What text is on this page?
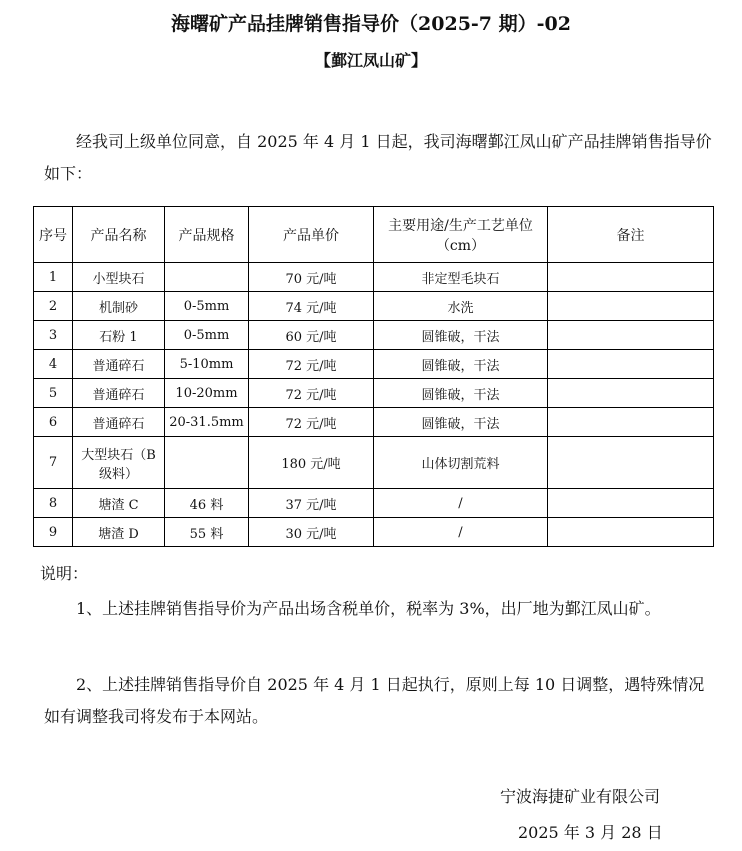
海曙矿产品挂牌销售指导价（2025-7 期）-02
【鄞江凤山矿】
经我司上级单位同意，自 2025 年 4 月 1 日起，我司海曙鄞江凤山矿产品挂牌销售指导价如下：
序号	产品名称	产品规格	产品单价	主要用途/生产工艺单位（cm）	备注
1	小型块石		70 元/吨	非定型毛块石	
2	机制砂	0-5mm	74 元/吨	水洗	
3	石粉 1	0-5mm	60 元/吨	圆锥破，干法	
4	普通碎石	5-10mm	72 元/吨	圆锥破，干法	
5	普通碎石	10-20mm	72 元/吨	圆锥破，干法	
6	普通碎石	20-31.5mm	72 元/吨	圆锥破，干法	
7	大型块石（B级料）		180 元/吨	山体切割荒料	
8	塘渣 C	46 料	37 元/吨	/	
9	塘渣 D	55 料	30 元/吨	/	
说明：
1、上述挂牌销售指导价为产品出场含税单价，税率为 3%，出厂地为鄞江凤山矿。
2、上述挂牌销售指导价自 2025 年 4 月 1 日起执行，原则上每 10 日调整，遇特殊情况如有调整我司将发布于本网站。
宁波海捷矿业有限公司
2025 年 3 月 28 日
